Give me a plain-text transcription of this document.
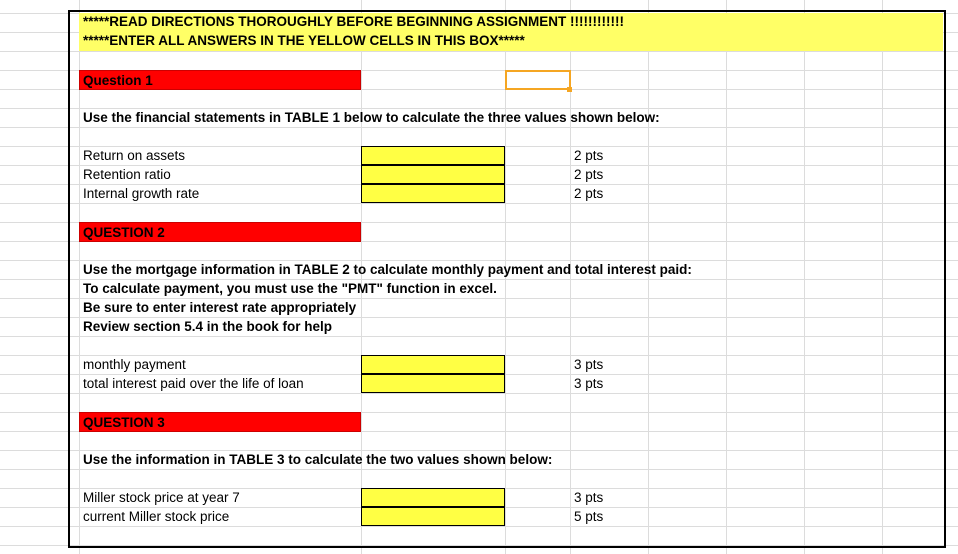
*****READ DIRECTIONS THOROUGHLY BEFORE BEGINNING ASSIGNMENT !!!!!!!!!!!!
*****ENTER ALL ANSWERS IN THE YELLOW CELLS IN THIS BOX*****
Question 1
Use the financial statements in TABLE 1 below to calculate the three values shown below:
Return on assets
Retention ratio
Internal growth rate
2 pts
2 pts
2 pts
QUESTION 2
Use the mortgage information in TABLE 2 to calculate monthly payment and total interest paid:
To calculate payment, you must use the "PMT" function in excel.
Be sure to enter interest rate appropriately
Review section 5.4 in the book for help
monthly payment
total interest paid over the life of loan
3 pts
3 pts
QUESTION 3
Use the information in TABLE 3 to calculate the two values shown below:
Miller stock price at year 7
current Miller stock price
3 pts
5 pts
